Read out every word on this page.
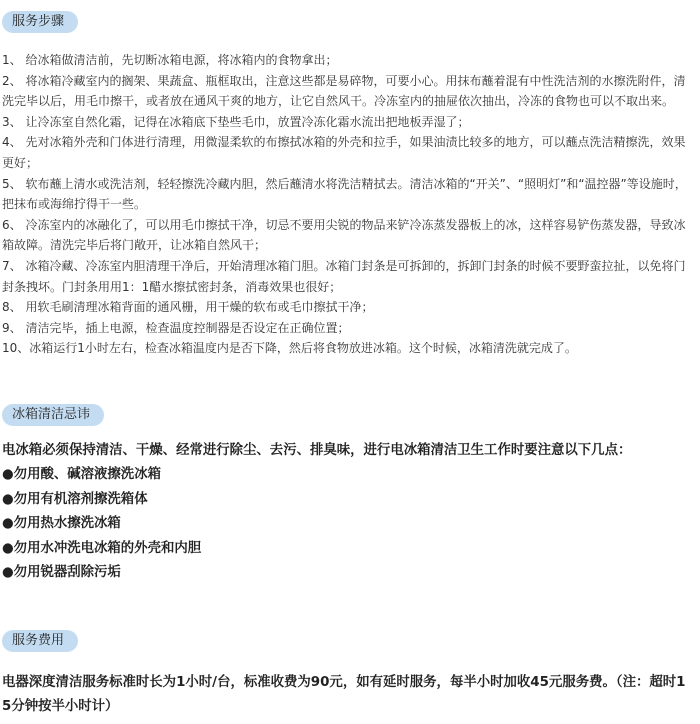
服务步骤

1、 给冰箱做清洁前，先切断冰箱电源，将冰箱内的食物拿出；

2、 将冰箱冷藏室内的搁架、果蔬盒、瓶框取出，注意这些都是易碎物，可要小心。用抹布蘸着混有中性洗洁剂的水擦洗附件，清洗完毕以后，用毛巾擦干，或者放在通风干爽的地方，让它自然风干。冷冻室内的抽屉依次抽出，冷冻的食物也可以不取出来。

3、 让冷冻室自然化霜，记得在冰箱底下垫些毛巾，放置冷冻化霜水流出把地板弄湿了；

4、 先对冰箱外壳和门体进行清理，用微湿柔软的布擦拭冰箱的外壳和拉手，如果油渍比较多的地方，可以蘸点洗洁精擦洗，效果更好；

5、 软布蘸上清水或洗洁剂，轻轻擦洗冷藏内胆，然后蘸清水将洗洁精拭去。清洁冰箱的“开关”、“照明灯”和“温控器”等设施时，把抹布或海绵拧得干一些。

6、 冷冻室内的冰融化了，可以用毛巾擦拭干净，切忌不要用尖锐的物品来铲冷冻蒸发器板上的冰，这样容易铲伤蒸发器，导致冰箱故障。清洗完毕后将门敞开，让冰箱自然风干；

7、 冰箱冷藏、冷冻室内胆清理干净后，开始清理冰箱门胆。冰箱门封条是可拆卸的，拆卸门封条的时候不要野蛮拉扯，以免将门封条拽坏。门封条用用1：1醋水擦拭密封条，消毒效果也很好；

8、 用软毛刷清理冰箱背面的通风栅，用干燥的软布或毛巾擦拭干净；

9、 清洁完毕，插上电源，检查温度控制器是否设定在正确位置；

10、冰箱运行1小时左右，检查冰箱温度内是否下降，然后将食物放进冰箱。这个时候，冰箱清洗就完成了。

冰箱清洁忌讳

电冰箱必须保持清洁、干燥、经常进行除尘、去污、排臭味，进行电冰箱清洁卫生工作时要注意以下几点：

●勿用酸、碱溶液擦洗冰箱

●勿用有机溶剂擦洗箱体

●勿用热水擦洗冰箱

●勿用水冲洗电冰箱的外壳和内胆

●勿用锐器刮除污垢

服务费用

电器深度清洁服务标准时长为1小时/台，标准收费为90元，如有延时服务，每半小时加收45元服务费。（注：超时15分钟按半小时计）
